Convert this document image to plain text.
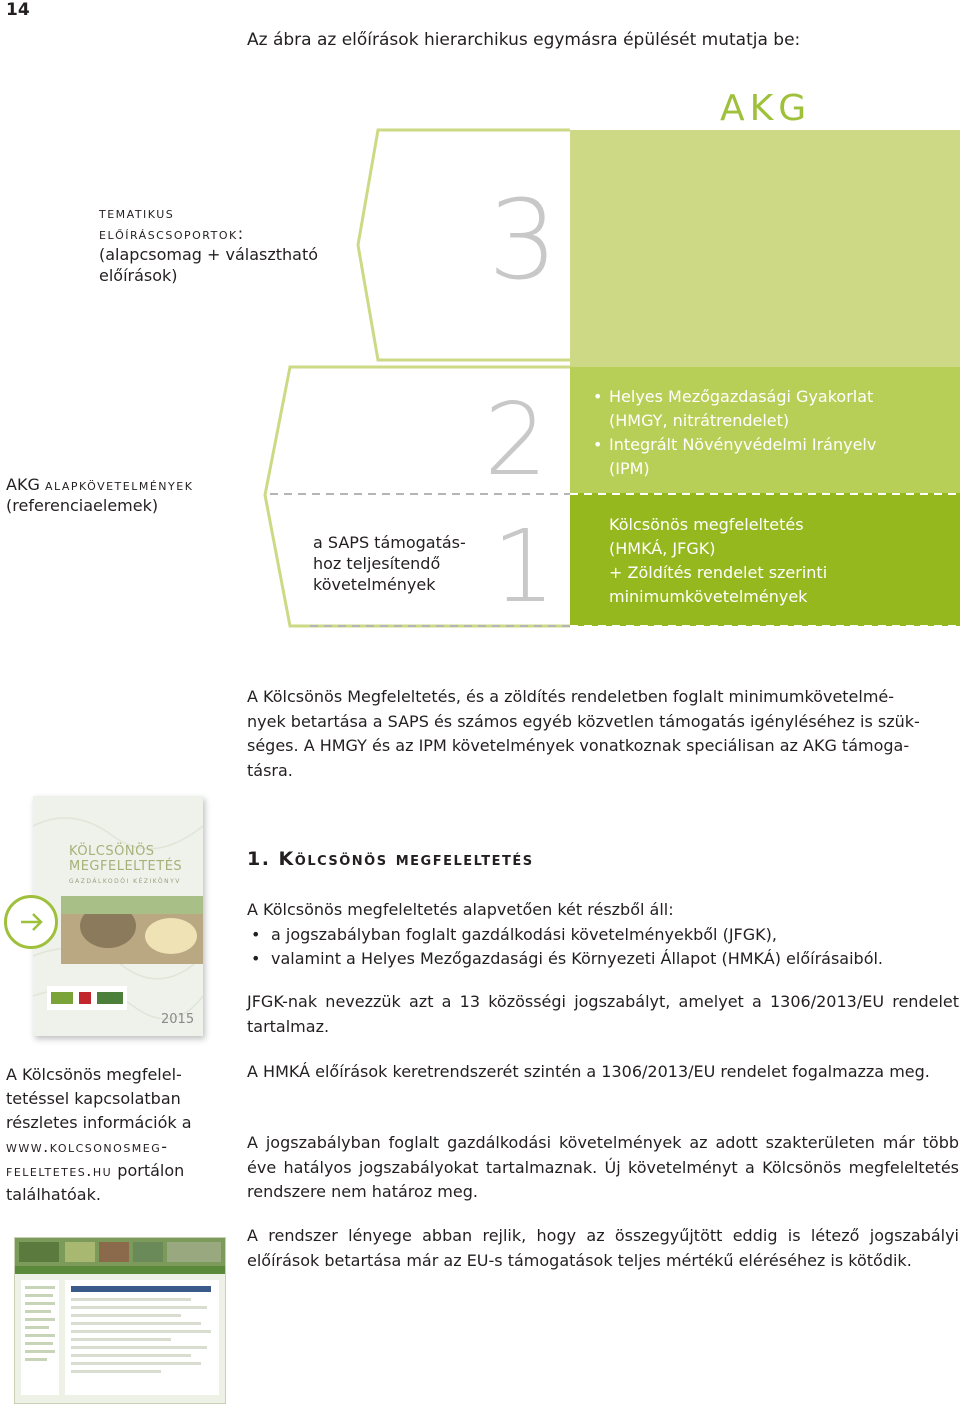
14
Az ábra az előírások hierarchikus egymásra épülését mutatja be:
AKG
3
2
1
tematikus
előíráscsoportok:
(alapcsomag + választható
előírások)
AKG alapkövetelmények
(referenciaelemek)
a SAPS támogatás-
hoz teljesítendő
követelmények
• Helyes Mezőgazdasági Gyakorlat
(HMGY, nitrátrendelet)
• Integrált Növényvédelmi Irányelv
(IPM)
Kölcsönös megfeleltetés
(HMKÁ, JFGK)
+ Zöldítés rendelet szerinti
minimumkövetelmények
A Kölcsönös Megfeleltetés, és a zöldítés rendeletben foglalt minimumkövetelmé-
nyek betartása a SAPS és számos egyéb közvetlen támogatás igényléséhez is szük-
séges. A HMGY és az IPM követelmények vonatkoznak speciálisan az AKG támoga-
tásra.
KÖLCSÖNÖS
MEGFELELTETÉS
GAZDÁLKODÓI KÉZIKÖNYV
2015
1. Kölcsönös megfeleltetés
A Kölcsönös megfeleltetés alapvetően két részből áll:
• a jogszabályban foglalt gazdálkodási követelményekből (JFGK),
• valamint a Helyes Mezőgazdasági és Környezeti Állapot (HMKÁ) előírásaiból.
JFGK-nak nevezzük azt a 13 közösségi jogszabályt, amelyet a 1306/2013/EU rendelet tartalmaz.
A HMKÁ előírások keretrendszerét szintén a 1306/2013/EU rendelet fogalmazza meg.
A jogszabályban foglalt gazdálkodási követelmények az adott szakterületen már több éve hatályos jogszabályokat tartalmaznak. Új követelményt a Kölcsönös megfeleltetés rendszere nem határoz meg.
A rendszer lényege abban rejlik, hogy az összegyűjtött eddig is létező jogszabályi előírások betartása már az EU-s támogatások teljes mértékű eléréséhez is kötődik.
A Kölcsönös megfelel-
tetéssel kapcsolatban
részletes információk a
www.kolcsonosmeg-
feleltetes.hu portálon
találhatóak.
